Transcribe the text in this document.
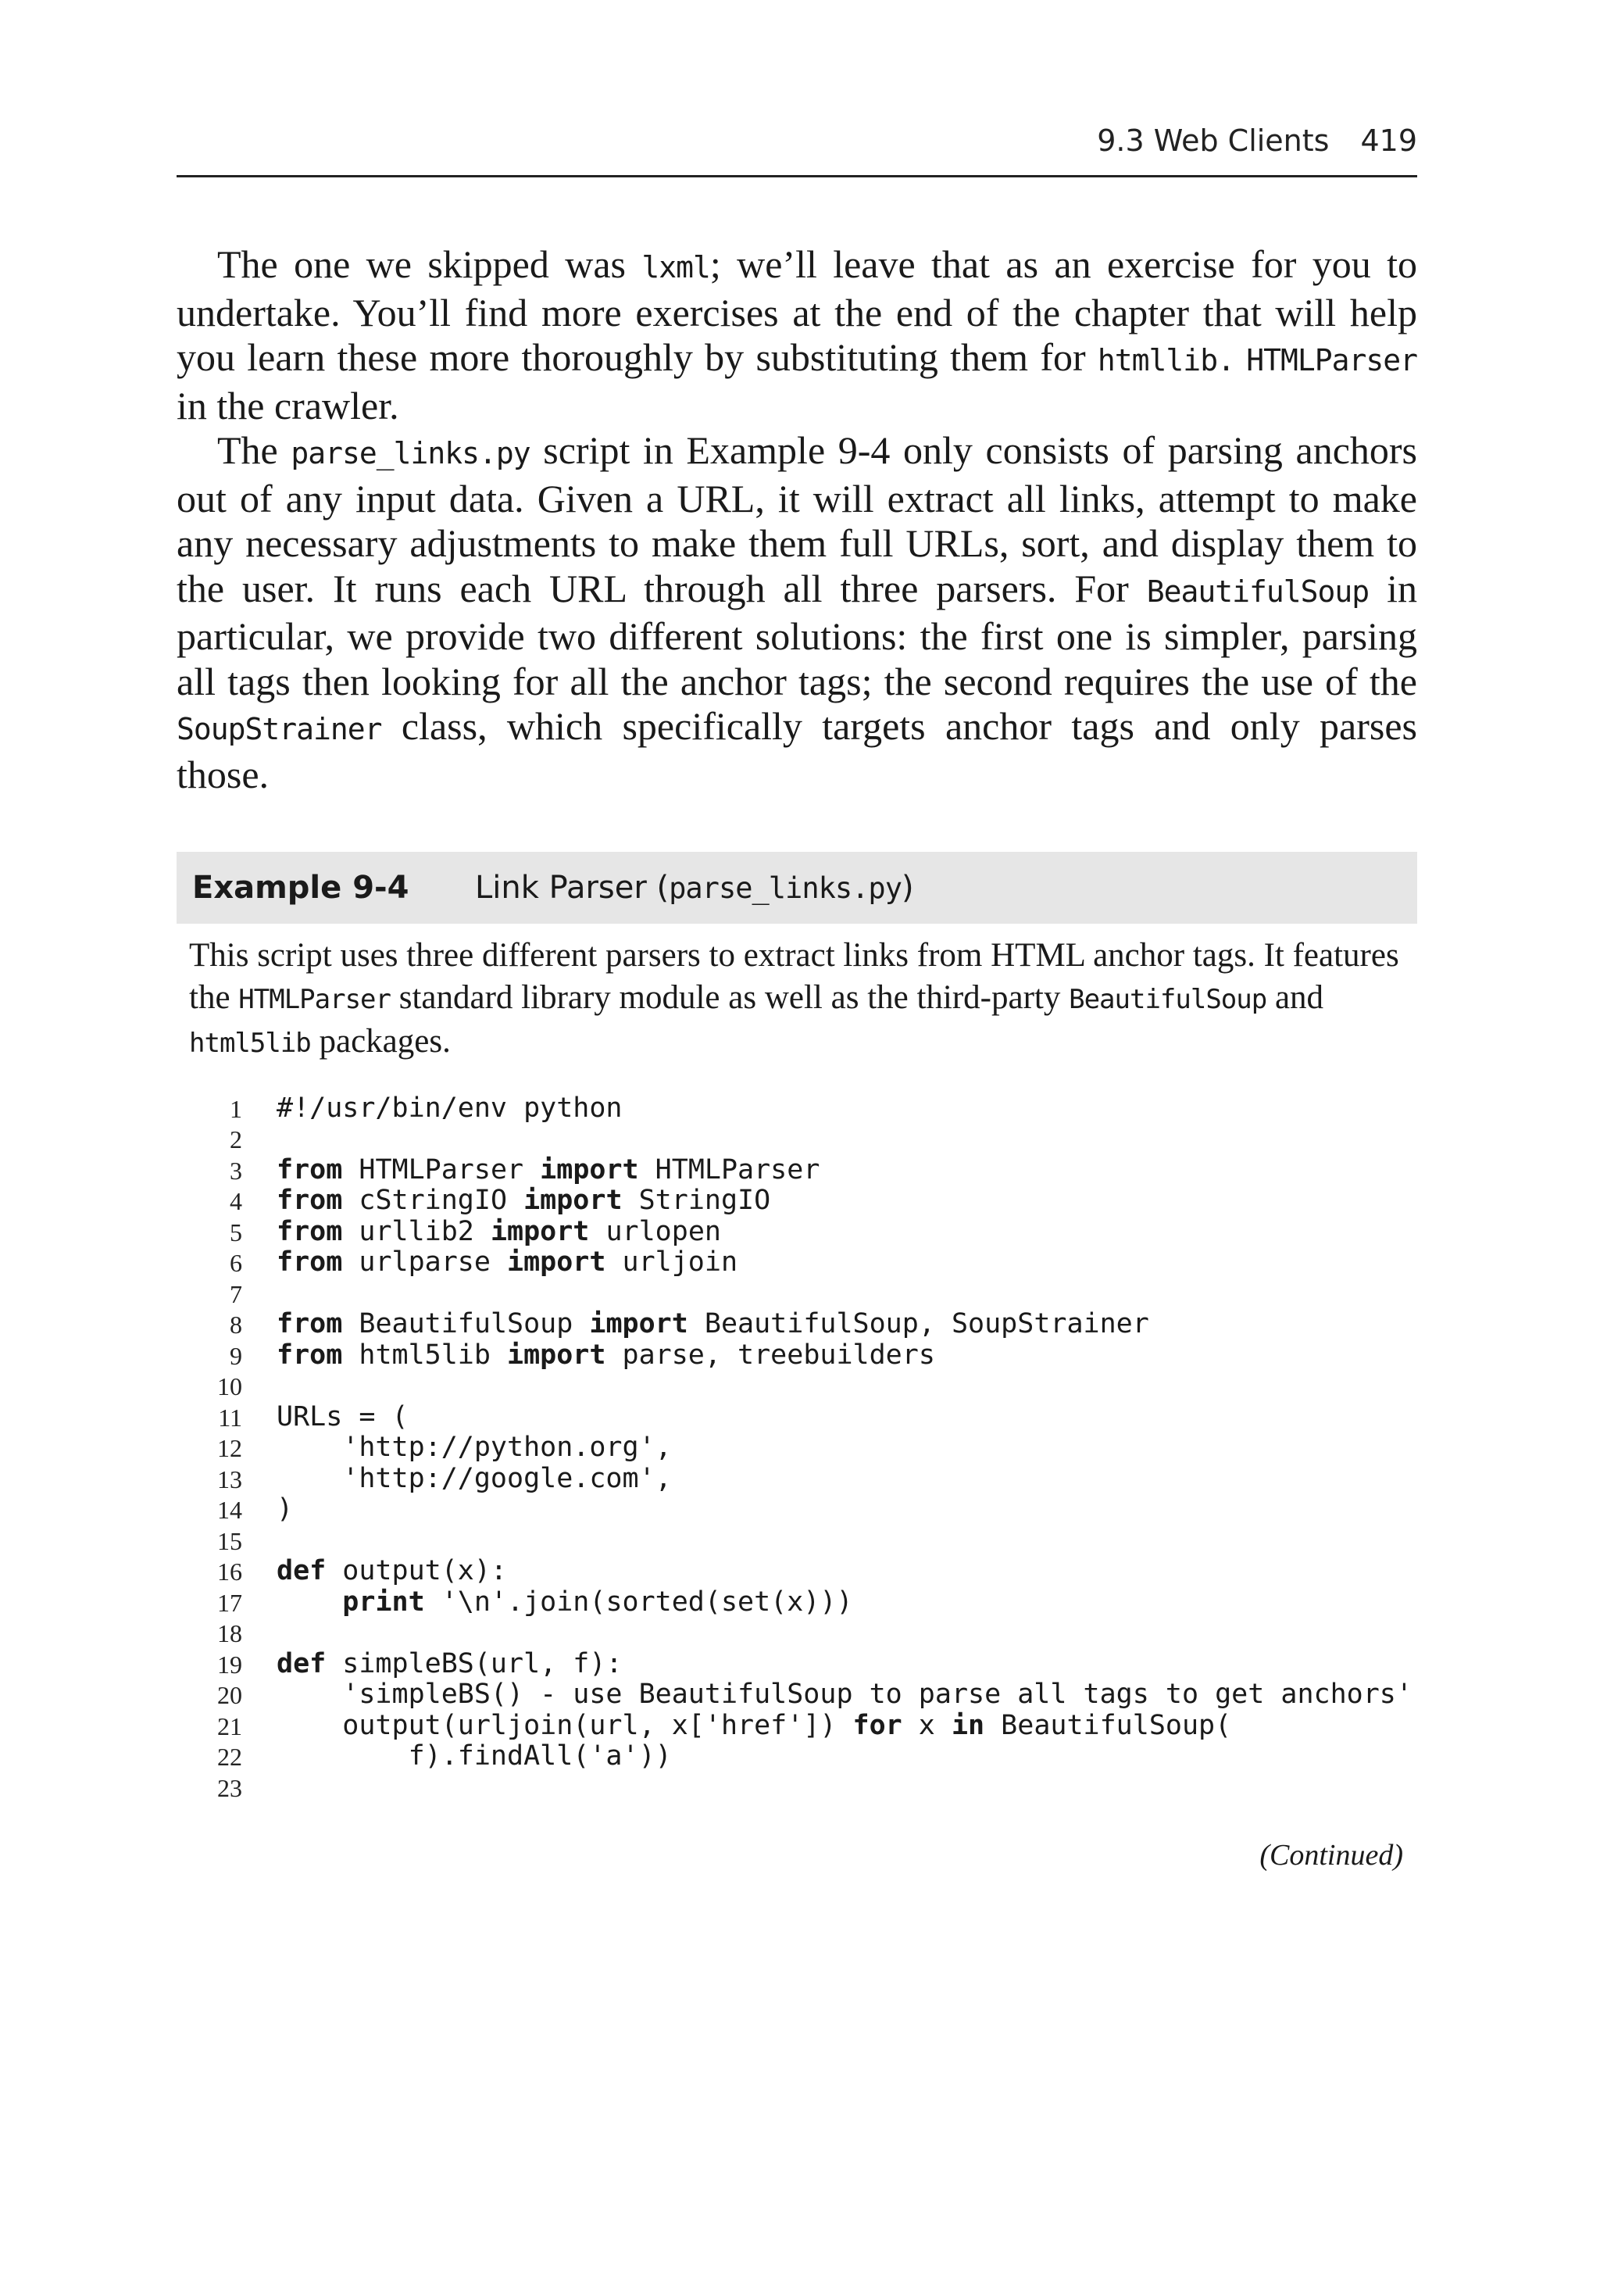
9.3 Web Clients 419

The one we skipped was lxml; we’ll leave that as an exercise for you to undertake. You’ll find more exercises at the end of the chapter that will help you learn these more thoroughly by substituting them for htmllib. HTMLParser in the crawler.

The parse_links.py script in Example 9-4 only consists of parsing anchors out of any input data. Given a URL, it will extract all links, attempt to make any necessary adjustments to make them full URLs, sort, and display them to the user. It runs each URL through all three parsers. For BeautifulSoup in particular, we provide two different solutions: the first one is simpler, parsing all tags then looking for all the anchor tags; the second requires the use of the SoupStrainer class, which specifically targets anchor tags and only parses those.

Example 9-4	Link Parser (parse_links.py)

This script uses three different parsers to extract links from HTML anchor tags. It features the HTMLParser standard library module as well as the third-party BeautifulSoup and html5lib packages.

1 #!/usr/bin/env python
2
3 from HTMLParser import HTMLParser
4 from cStringIO import StringIO
5 from urllib2 import urlopen
6 from urlparse import urljoin
7
8 from BeautifulSoup import BeautifulSoup, SoupStrainer
9 from html5lib import parse, treebuilders
10
11 URLs = (
12 'http://python.org',
13 'http://google.com',
14 )
15
16 def output(x):
17	print '\n'.join(sorted(set(x)))
18
19 def simpleBS(url, f):
20 'simpleBS() - use BeautifulSoup to parse all tags to get anchors'
21 output(urljoin(url, x['href']) for x in BeautifulSoup(
22 f).findAll('a'))
23
(Continued)
